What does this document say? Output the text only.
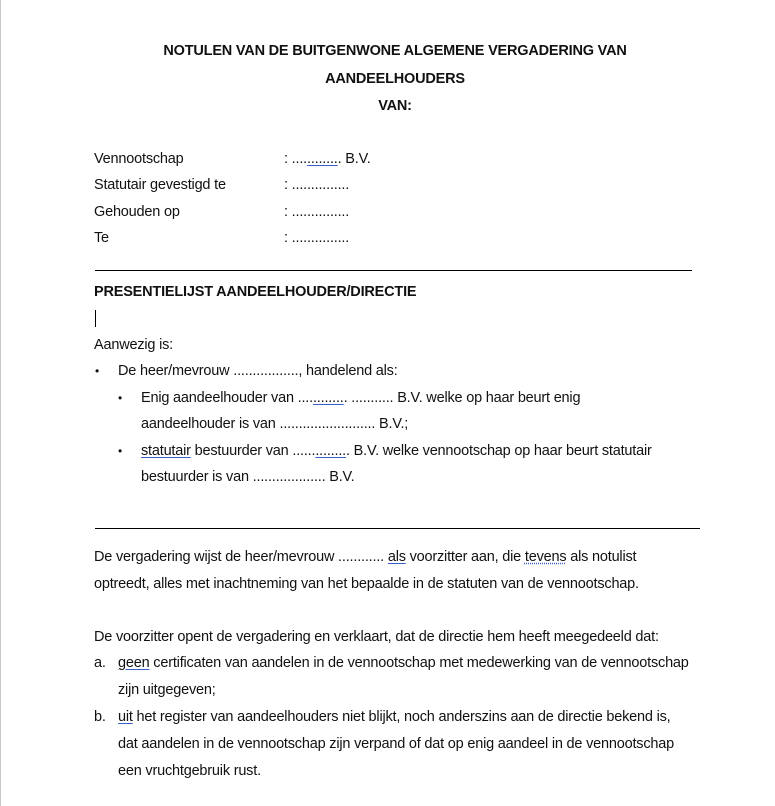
NOTULEN VAN DE BUITGENWONE ALGEMENE VERGADERING VAN
AANDEELHOUDERS
VAN:
Vennootschap	: ............. B.V.
Statutair gevestigd te	: ...............
Gehouden op	: ...............
Te	: ...............
PRESENTIELIJST AANDEELHOUDER/DIRECTIE
Aanwezig is:
• De heer/mevrouw ................., handelend als:
• Enig aandeelhouder van ............. ........... B.V. welke op haar beurt enig
aandeelhouder is van ......................... B.V.;
• statutair bestuurder van ............... B.V. welke vennootschap op haar beurt statutair
bestuurder is van ................... B.V.
De vergadering wijst de heer/mevrouw ............ als voorzitter aan, die tevens als notulist
optreedt, alles met inachtneming van het bepaalde in de statuten van de vennootschap.
De voorzitter opent de vergadering en verklaart, dat de directie hem heeft meegedeeld dat:
a. geen certificaten van aandelen in de vennootschap met medewerking van de vennootschap
zijn uitgegeven;
b. uit het register van aandeelhouders niet blijkt, noch anderszins aan de directie bekend is,
dat aandelen in de vennootschap zijn verpand of dat op enig aandeel in de vennootschap
een vruchtgebruik rust.
